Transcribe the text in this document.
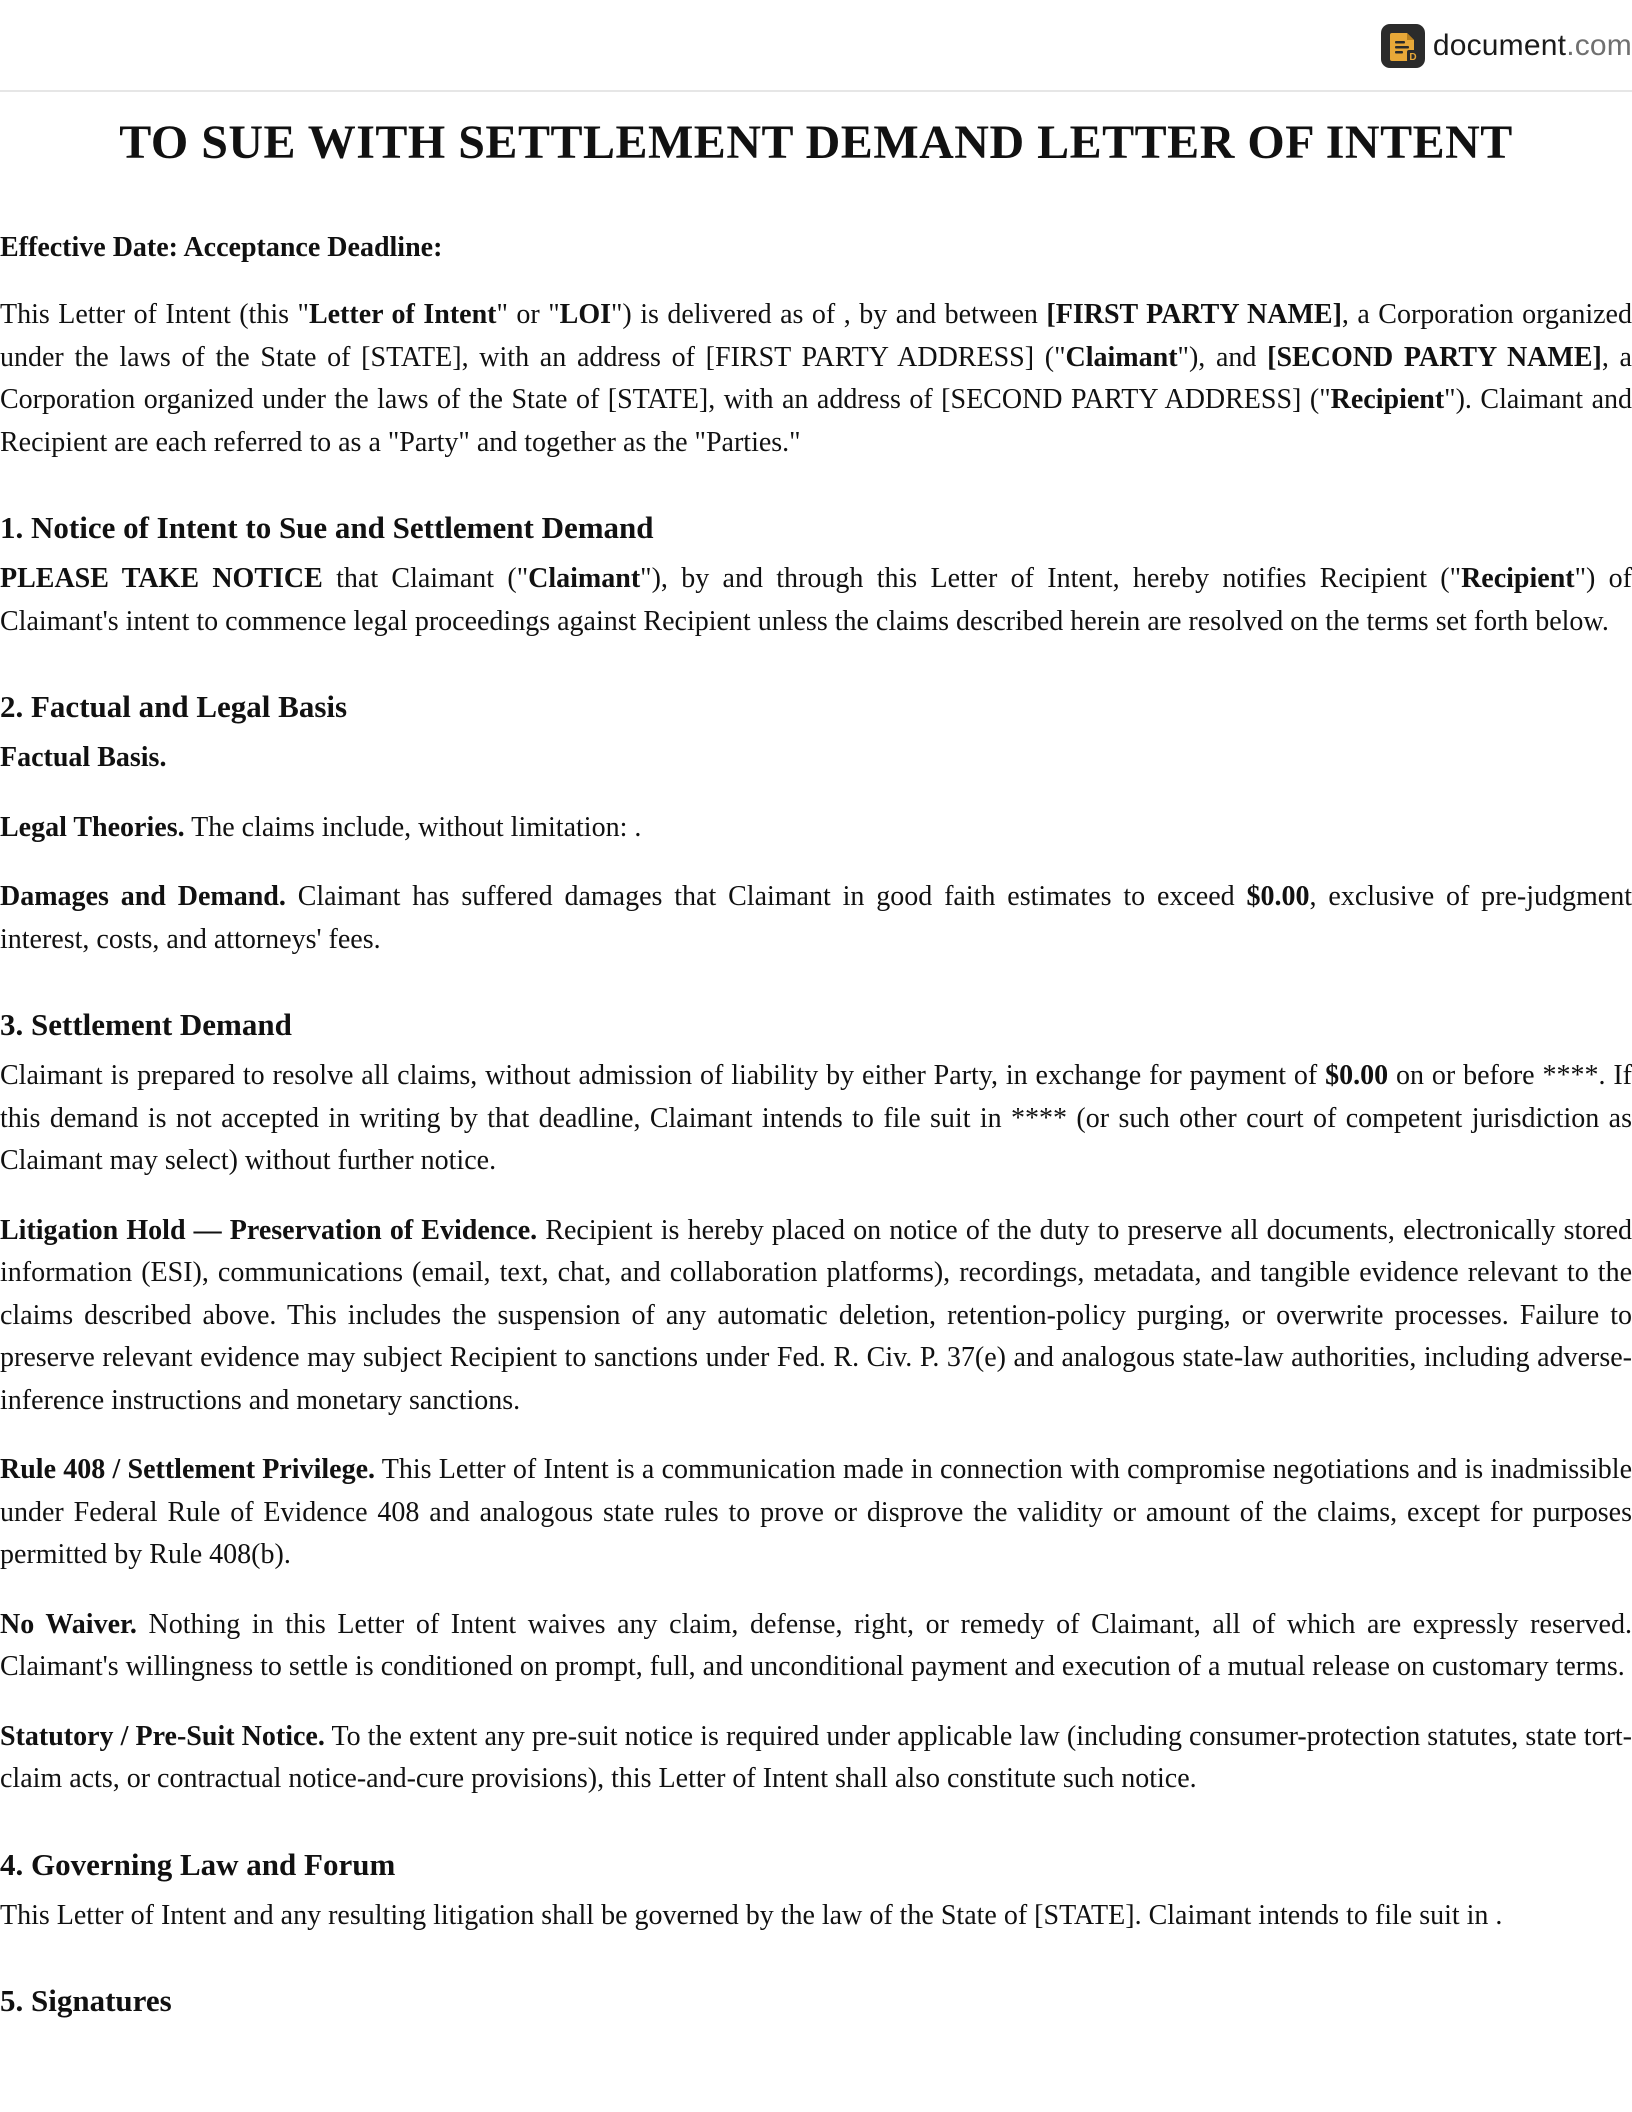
D document.com
TO SUE WITH SETTLEMENT DEMAND LETTER OF INTENT
Effective Date: Acceptance Deadline:

This Letter of Intent (this "Letter of Intent" or "LOI") is delivered as of , by and between [FIRST PARTY NAME], a Corporation organized under the laws of the State of [STATE], with an address of [FIRST PARTY ADDRESS] ("Claimant"), and [SECOND PARTY NAME], a Corporation organized under the laws of the State of [STATE], with an address of [SECOND PARTY ADDRESS] ("Recipient"). Claimant and Recipient are each referred to as a "Party" and together as the "Parties."

1. Notice of Intent to Sue and Settlement Demand

PLEASE TAKE NOTICE that Claimant ("Claimant"), by and through this Letter of Intent, hereby notifies Recipient ("Recipient") of Claimant's intent to commence legal proceedings against Recipient unless the claims described herein are resolved on the terms set forth below.

2. Factual and Legal Basis

Factual Basis.

Legal Theories. The claims include, without limitation: .

Damages and Demand. Claimant has suffered damages that Claimant in good faith estimates to exceed $0.00, exclusive of pre-judgment interest, costs, and attorneys' fees.

3. Settlement Demand

Claimant is prepared to resolve all claims, without admission of liability by either Party, in exchange for payment of $0.00 on or before ****. If this demand is not accepted in writing by that deadline, Claimant intends to file suit in **** (or such other court of competent jurisdiction as Claimant may select) without further notice.

Litigation Hold — Preservation of Evidence. Recipient is hereby placed on notice of the duty to preserve all documents, electronically stored information (ESI), communications (email, text, chat, and collaboration platforms), recordings, metadata, and tangible evidence relevant to the claims described above. This includes the suspension of any automatic deletion, retention-policy purging, or overwrite processes. Failure to preserve relevant evidence may subject Recipient to sanctions under Fed. R. Civ. P. 37(e) and analogous state-law authorities, including adverse-inference instructions and monetary sanctions.

Rule 408 / Settlement Privilege. This Letter of Intent is a communication made in connection with compromise negotiations and is inadmissible under Federal Rule of Evidence 408 and analogous state rules to prove or disprove the validity or amount of the claims, except for purposes permitted by Rule 408(b).

No Waiver. Nothing in this Letter of Intent waives any claim, defense, right, or remedy of Claimant, all of which are expressly reserved. Claimant's willingness to settle is conditioned on prompt, full, and unconditional payment and execution of a mutual release on customary terms.

Statutory / Pre-Suit Notice. To the extent any pre-suit notice is required under applicable law (including consumer-protection statutes, state tort-claim acts, or contractual notice-and-cure provisions), this Letter of Intent shall also constitute such notice.

4. Governing Law and Forum

This Letter of Intent and any resulting litigation shall be governed by the law of the State of [STATE]. Claimant intends to file suit in .

5. Signatures
